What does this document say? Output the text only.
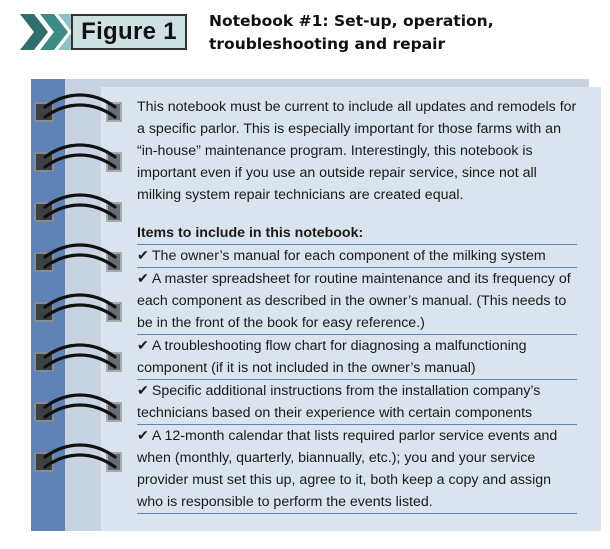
Figure 1 Notebook #1: Set-up, operation,
troubleshooting and repair

This notebook must be current to include all updates and remodels for a specific parlor. This is especially important for those farms with an “in-house” maintenance program. Interestingly, this notebook is important even if you use an outside repair service, since not all milking system repair technicians are created equal.

Items to include in this notebook:
✔ The owner’s manual for each component of the milking system
✔ A master spreadsheet for routine maintenance and its frequency of each component as described in the owner’s manual. (This needs to be in the front of the book for easy reference.)
✔ A troubleshooting flow chart for diagnosing a malfunctioning component (if it is not included in the owner’s manual)
✔ Specific additional instructions from the installation company’s technicians based on their experience with certain components
✔ A 12-month calendar that lists required parlor service events and when (monthly, quarterly, biannually, etc.); you and your service provider must set this up, agree to it, both keep a copy and assign who is responsible to perform the events listed.
